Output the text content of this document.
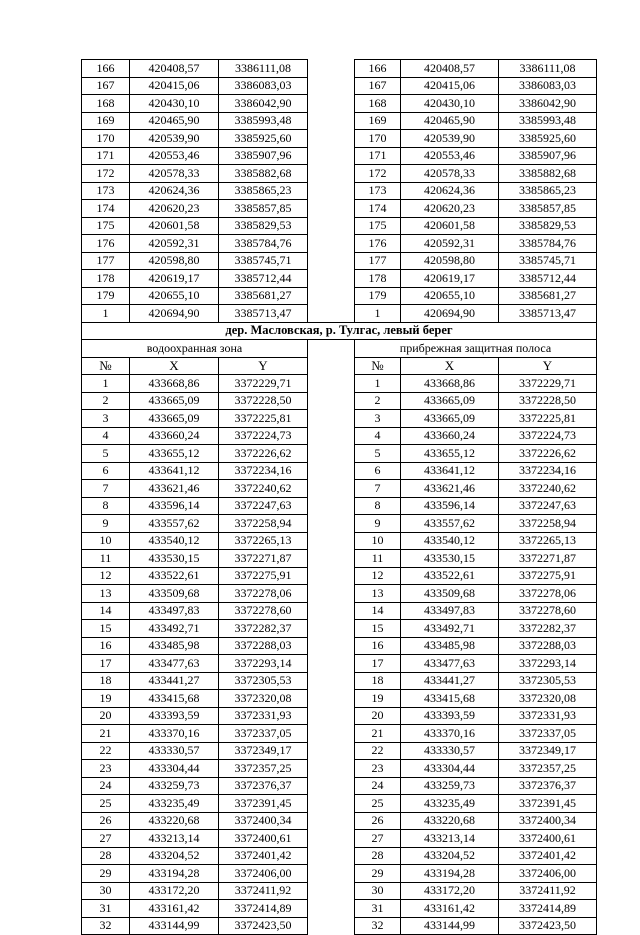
166	420408,57	3386111,08		166	420408,57	3386111,08
167	420415,06	3386083,03		167	420415,06	3386083,03
168	420430,10	3386042,90		168	420430,10	3386042,90
169	420465,90	3385993,48		169	420465,90	3385993,48
170	420539,90	3385925,60		170	420539,90	3385925,60
171	420553,46	3385907,96		171	420553,46	3385907,96
172	420578,33	3385882,68		172	420578,33	3385882,68
173	420624,36	3385865,23		173	420624,36	3385865,23
174	420620,23	3385857,85		174	420620,23	3385857,85
175	420601,58	3385829,53		175	420601,58	3385829,53
176	420592,31	3385784,76		176	420592,31	3385784,76
177	420598,80	3385745,71		177	420598,80	3385745,71
178	420619,17	3385712,44		178	420619,17	3385712,44
179	420655,10	3385681,27		179	420655,10	3385681,27
1	420694,90	3385713,47		1	420694,90	3385713,47
дер. Масловская, р. Тулгас, левый берег						
водоохранная зона				прибрежная защитная полоса		
№	X	Y		№	X	Y
1	433668,86	3372229,71		1	433668,86	3372229,71
2	433665,09	3372228,50		2	433665,09	3372228,50
3	433665,09	3372225,81		3	433665,09	3372225,81
4	433660,24	3372224,73		4	433660,24	3372224,73
5	433655,12	3372226,62		5	433655,12	3372226,62
6	433641,12	3372234,16		6	433641,12	3372234,16
7	433621,46	3372240,62		7	433621,46	3372240,62
8	433596,14	3372247,63		8	433596,14	3372247,63
9	433557,62	3372258,94		9	433557,62	3372258,94
10	433540,12	3372265,13		10	433540,12	3372265,13
11	433530,15	3372271,87		11	433530,15	3372271,87
12	433522,61	3372275,91		12	433522,61	3372275,91
13	433509,68	3372278,06		13	433509,68	3372278,06
14	433497,83	3372278,60		14	433497,83	3372278,60
15	433492,71	3372282,37		15	433492,71	3372282,37
16	433485,98	3372288,03		16	433485,98	3372288,03
17	433477,63	3372293,14		17	433477,63	3372293,14
18	433441,27	3372305,53		18	433441,27	3372305,53
19	433415,68	3372320,08		19	433415,68	3372320,08
20	433393,59	3372331,93		20	433393,59	3372331,93
21	433370,16	3372337,05		21	433370,16	3372337,05
22	433330,57	3372349,17		22	433330,57	3372349,17
23	433304,44	3372357,25		23	433304,44	3372357,25
24	433259,73	3372376,37		24	433259,73	3372376,37
25	433235,49	3372391,45		25	433235,49	3372391,45
26	433220,68	3372400,34		26	433220,68	3372400,34
27	433213,14	3372400,61		27	433213,14	3372400,61
28	433204,52	3372401,42		28	433204,52	3372401,42
29	433194,28	3372406,00		29	433194,28	3372406,00
30	433172,20	3372411,92		30	433172,20	3372411,92
31	433161,42	3372414,89		31	433161,42	3372414,89
32	433144,99	3372423,50		32	433144,99	3372423,50
